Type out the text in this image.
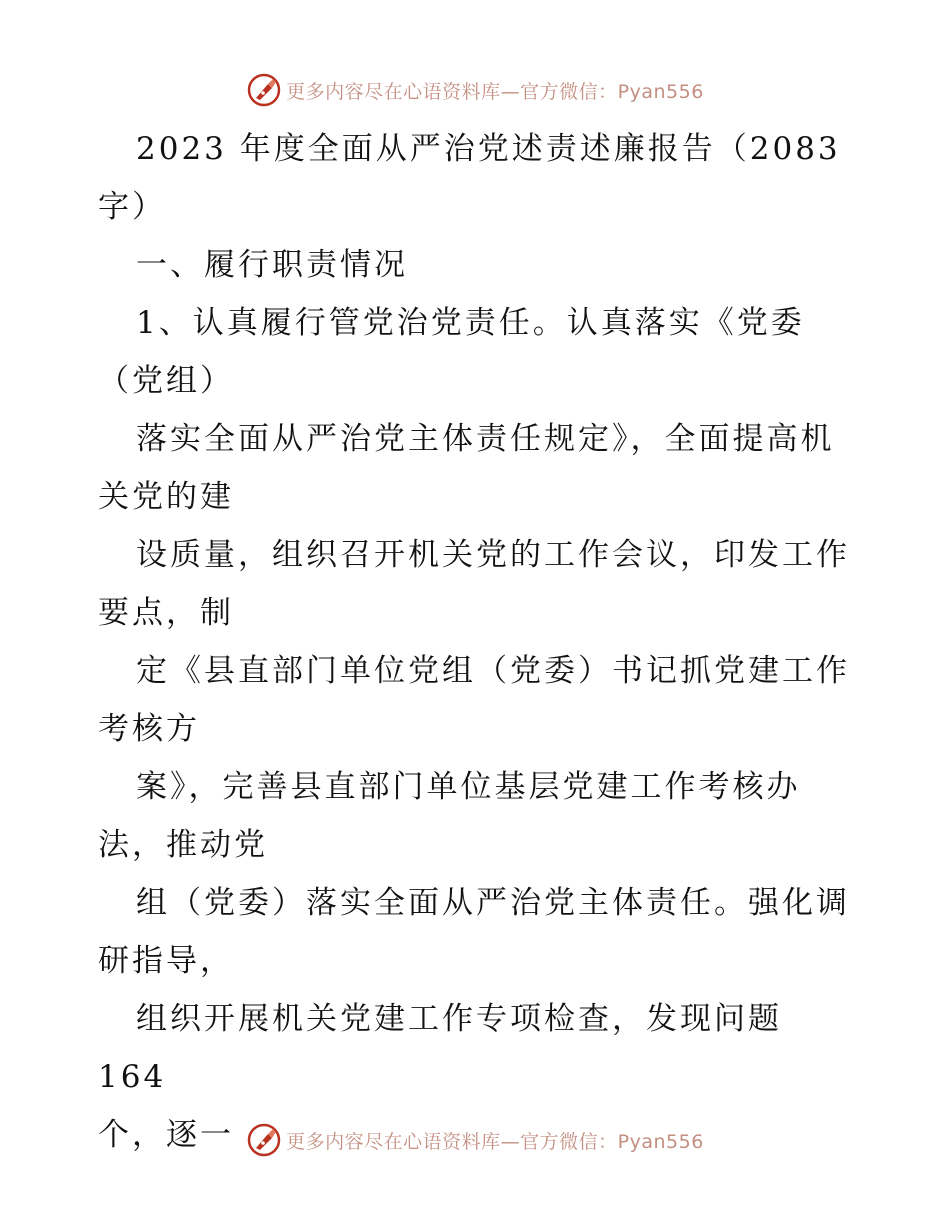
更多内容尽在心语资料库—官方微信：Pyan556

2023 年度全面从严治党述责述廉报告（2083
字）

一、履行职责情况

1、认真履行管党治党责任。认真落实《党委
（党组）

落实全面从严治党主体责任规定》，全面提高机
关党的建

设质量，组织召开机关党的工作会议，印发工作
要点，制

定《县直部门单位党组（党委）书记抓党建工作
考核方

案》，完善县直部门单位基层党建工作考核办
法，推动党

组（党委）落实全面从严治党主体责任。强化调
研指导，

组织开展机关党建工作专项检查，发现问题 164
个，逐一	更多内容尽在心语资料库—官方微信：Pyan556
